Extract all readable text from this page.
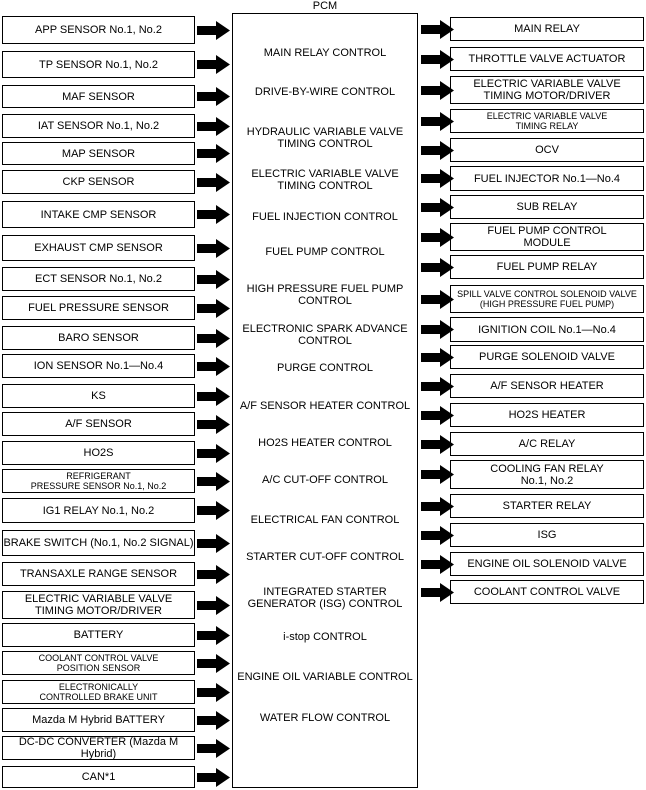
PCM
APP SENSOR No.1, No.2
TP SENSOR No.1, No.2
MAF SENSOR
IAT SENSOR No.1, No.2
MAP SENSOR
CKP SENSOR
INTAKE CMP SENSOR
EXHAUST CMP SENSOR
ECT SENSOR No.1, No.2
FUEL PRESSURE SENSOR
BARO SENSOR
ION SENSOR No.1—No.4
KS
A/F SENSOR
HO2S
REFRIGERANT
PRESSURE SENSOR No.1, No.2
IG1 RELAY No.1, No.2
BRAKE SWITCH (No.1, No.2 SIGNAL)
TRANSAXLE RANGE SENSOR
ELECTRIC VARIABLE VALVE
TIMING MOTOR/DRIVER
BATTERY
COOLANT CONTROL VALVE
POSITION SENSOR
ELECTRONICALLY
CONTROLLED BRAKE UNIT
Mazda M Hybrid BATTERY
DC-DC CONVERTER (Mazda M Hybrid)
CAN*1
MAIN RELAY CONTROL
DRIVE-BY-WIRE CONTROL
HYDRAULIC VARIABLE VALVE
TIMING CONTROL
ELECTRIC VARIABLE VALVE
TIMING CONTROL
FUEL INJECTION CONTROL
FUEL PUMP CONTROL
HIGH PRESSURE FUEL PUMP
CONTROL
ELECTRONIC SPARK ADVANCE
CONTROL
PURGE CONTROL
A/F SENSOR HEATER CONTROL
HO2S HEATER CONTROL
A/C CUT-OFF CONTROL
ELECTRICAL FAN CONTROL
STARTER CUT-OFF CONTROL
INTEGRATED STARTER
GENERATOR (ISG) CONTROL
i-stop CONTROL
ENGINE OIL VARIABLE CONTROL
WATER FLOW CONTROL
MAIN RELAY
THROTTLE VALVE ACTUATOR
ELECTRIC VARIABLE VALVE
TIMING MOTOR/DRIVER
ELECTRIC VARIABLE VALVE
TIMING RELAY
OCV
FUEL INJECTOR No.1—No.4
SUB RELAY
FUEL PUMP CONTROL
MODULE
FUEL PUMP RELAY
SPILL VALVE CONTROL SOLENOID VALVE
(HIGH PRESSURE FUEL PUMP)
IGNITION COIL No.1—No.4
PURGE SOLENOID VALVE
A/F SENSOR HEATER
HO2S HEATER
A/C RELAY
COOLING FAN RELAY
No.1, No.2
STARTER RELAY
ISG
ENGINE OIL SOLENOID VALVE
COOLANT CONTROL VALVE
